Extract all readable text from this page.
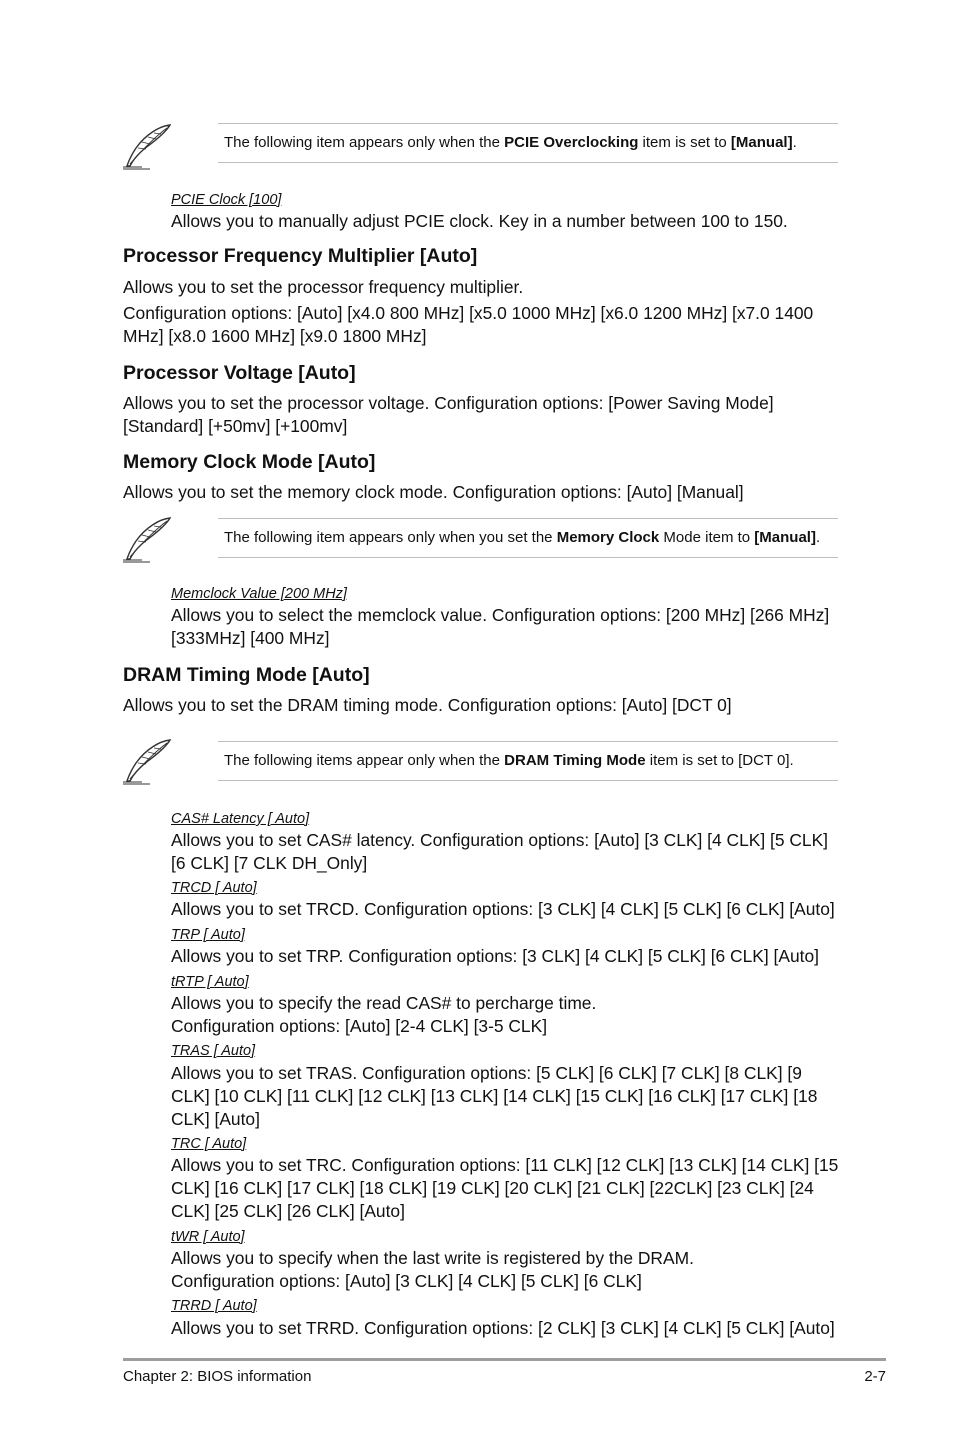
The following item appears only when the PCIE Overclocking item is set to [Manual].
PCIE Clock [100]
Allows you to manually adjust PCIE clock. Key in a number between 100 to 150.
Processor Frequency Multiplier [Auto]
Allows you to set the processor frequency multiplier.
Configuration options: [Auto] [x4.0 800 MHz] [x5.0 1000 MHz] [x6.0 1200 MHz] [x7.0 1400 MHz] [x8.0 1600 MHz] [x9.0 1800 MHz]
Processor Voltage [Auto]
Allows you to set the processor voltage. Configuration options: [Power Saving Mode] [Standard] [+50mv] [+100mv]
Memory Clock Mode [Auto]
Allows you to set the memory clock mode. Configuration options: [Auto] [Manual]
The following item appears only when you set the Memory Clock Mode item to [Manual].
Memclock Value [200 MHz]
Allows you to select the memclock value. Configuration options: [200 MHz] [266 MHz] [333MHz] [400 MHz]
DRAM Timing Mode [Auto]
Allows you to set the DRAM timing mode. Configuration options: [Auto] [DCT 0]
The following items appear only when the DRAM Timing Mode item is set to [DCT 0].
CAS# Latency [ Auto]
Allows you to set CAS# latency. Configuration options: [Auto] [3 CLK] [4 CLK] [5 CLK] [6 CLK] [7 CLK DH_Only]
TRCD [ Auto]
Allows you to set TRCD. Configuration options: [3 CLK] [4 CLK] [5 CLK] [6 CLK] [Auto]
TRP [ Auto]
Allows you to set TRP. Configuration options: [3 CLK] [4 CLK] [5 CLK] [6 CLK] [Auto]
tRTP [ Auto]
Allows you to specify the read CAS# to percharge time.
Configuration options: [Auto] [2-4 CLK] [3-5 CLK]
TRAS [ Auto]
Allows you to set TRAS. Configuration options: [5 CLK] [6 CLK] [7 CLK] [8 CLK] [9 CLK] [10 CLK] [11 CLK] [12 CLK] [13 CLK] [14 CLK] [15 CLK] [16 CLK] [17 CLK] [18 CLK] [Auto]
TRC [ Auto]
Allows you to set TRC. Configuration options: [11 CLK] [12 CLK] [13 CLK] [14 CLK] [15 CLK] [16 CLK] [17 CLK] [18 CLK] [19 CLK] [20 CLK] [21 CLK] [22CLK] [23 CLK] [24 CLK] [25 CLK] [26 CLK] [Auto]
tWR [ Auto]
Allows you to specify when the last write is registered by the DRAM.
Configuration options: [Auto] [3 CLK] [4 CLK] [5 CLK] [6 CLK]
TRRD [ Auto]
Allows you to set TRRD. Configuration options: [2 CLK] [3 CLK] [4 CLK] [5 CLK] [Auto]
Chapter 2: BIOS information	2-7
